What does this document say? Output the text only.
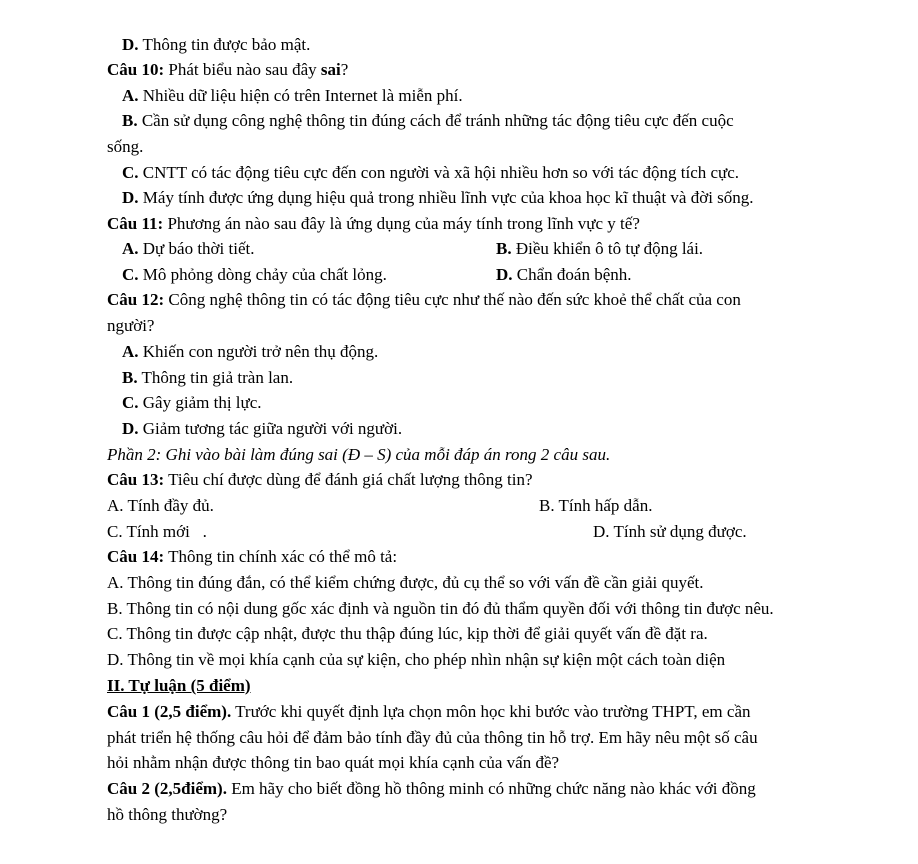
D. Thông tin được bảo mật.
Câu 10: Phát biểu nào sau đây sai?
A. Nhiều dữ liệu hiện có trên Internet là miễn phí.
B. Cần sử dụng công nghệ thông tin đúng cách để tránh những tác động tiêu cực đến cuộc
sống.
C. CNTT có tác động tiêu cực đến con người và xã hội nhiều hơn so với tác động tích cực.
D. Máy tính được ứng dụng hiệu quả trong nhiều lĩnh vực của khoa học kĩ thuật và đời sống.
Câu 11: Phương án nào sau đây là ứng dụng của máy tính trong lĩnh vực y tế?
A. Dự báo thời tiết.	B. Điều khiển ô tô tự động lái.
C. Mô phỏng dòng chảy của chất lỏng.	D. Chẩn đoán bệnh.
Câu 12: Công nghệ thông tin có tác động tiêu cực như thế nào đến sức khoẻ thể chất của con
người?
A. Khiến con người trở nên thụ động.
B. Thông tin giả tràn lan.
C. Gây giảm thị lực.
D. Giảm tương tác giữa người với người.
Phần 2: Ghi vào bài làm đúng sai (Đ – S) của mỗi đáp án rong 2 câu sau.
Câu 13: Tiêu chí được dùng để đánh giá chất lượng thông tin?
A. Tính đầy đủ.	B. Tính hấp dẫn.
C. Tính mới   .	D. Tính sử dụng được.
Câu 14: Thông tin chính xác có thể mô tả:
A. Thông tin đúng đắn, có thể kiểm chứng được, đủ cụ thể so với vấn đề cần giải quyết.
B. Thông tin có nội dung gốc xác định và nguồn tin đó đủ thẩm quyền đối với thông tin được nêu.
C. Thông tin được cập nhật, được thu thập đúng lúc, kịp thời để giải quyết vấn đề đặt ra.
D. Thông tin về mọi khía cạnh của sự kiện, cho phép nhìn nhận sự kiện một cách toàn diện
II. Tự luận (5 điểm)
Câu 1 (2,5 điểm). Trước khi quyết định lựa chọn môn học khi bước vào trường THPT, em cần
phát triển hệ thống câu hỏi để đảm bảo tính đầy đủ của thông tin hỗ trợ. Em hãy nêu một số câu
hỏi nhằm nhận được thông tin bao quát mọi khía cạnh của vấn đề?
Câu 2 (2,5điểm). Em hãy cho biết đồng hồ thông minh có những chức năng nào khác với đồng
hồ thông thường?
